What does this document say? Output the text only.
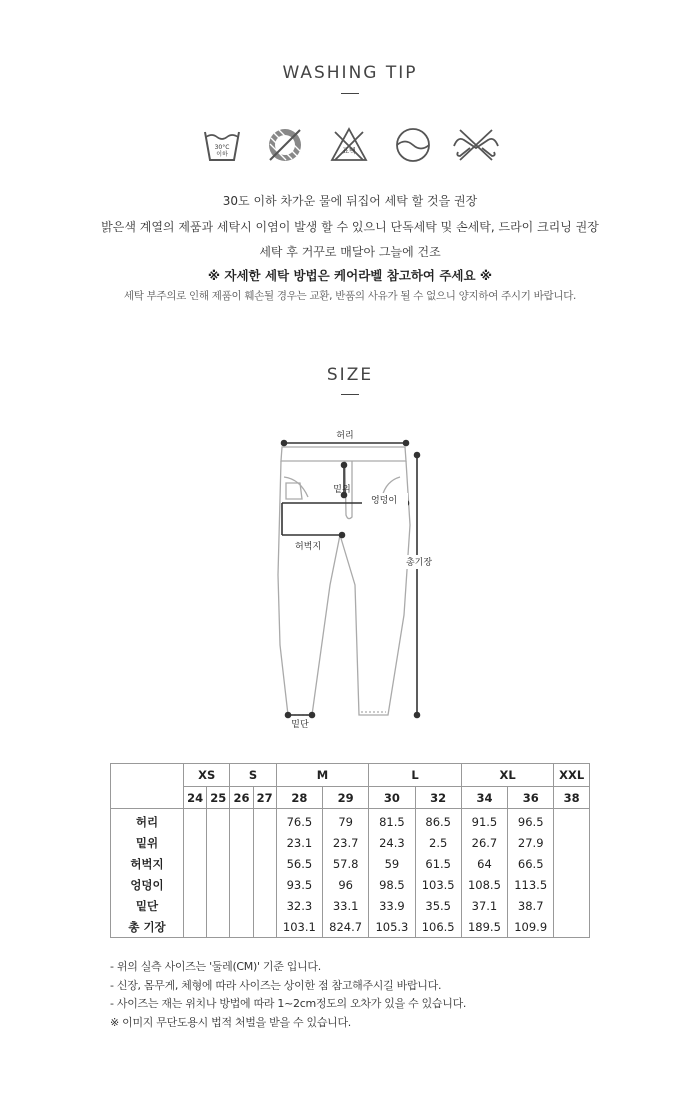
WASHING TIP
30°C
이하	표백
30도 이하 차가운 물에 뒤집어 세탁 할 것을 권장
밝은색 계열의 제품과 세탁시 이염이 발생 할 수 있으니 단독세탁 및 손세탁, 드라이 크리닝 권장
세탁 후 거꾸로 매달아 그늘에 건조
※ 자세한 세탁 방법은 케어라벨 참고하여 주세요 ※
세탁 부주의로 인해 제품이 훼손될 경우는 교환, 반품의 사유가 될 수 없으니 양지하여 주시기 바랍니다.
SIZE
허리
밑위
엉덩이
허벅지
밑단
총기장
	XS		S		M		L		XL		XXL
	24	25	26	27	28	29	30	32	34	36	38
허리					76.5	79	81.5	86.5	91.5	96.5	
밑위					23.1	23.7	24.3	2.5	26.7	27.9	
허벅지					56.5	57.8	59	61.5	64	66.5	
엉덩이					93.5	96	98.5	103.5	108.5	113.5	
밑단					32.3	33.1	33.9	35.5	37.1	38.7	
총 기장					103.1	824.7	105.3	106.5	189.5	109.9	
- 위의 실측 사이즈는 '둘레(CM)' 기준 입니다.
- 신장, 몸무게, 체형에 따라 사이즈는 상이한 점 참고해주시길 바랍니다.
- 사이즈는 재는 위치나 방법에 따라 1~2cm정도의 오차가 있을 수 있습니다.
※ 이미지 무단도용시 법적 처벌을 받을 수 있습니다.
